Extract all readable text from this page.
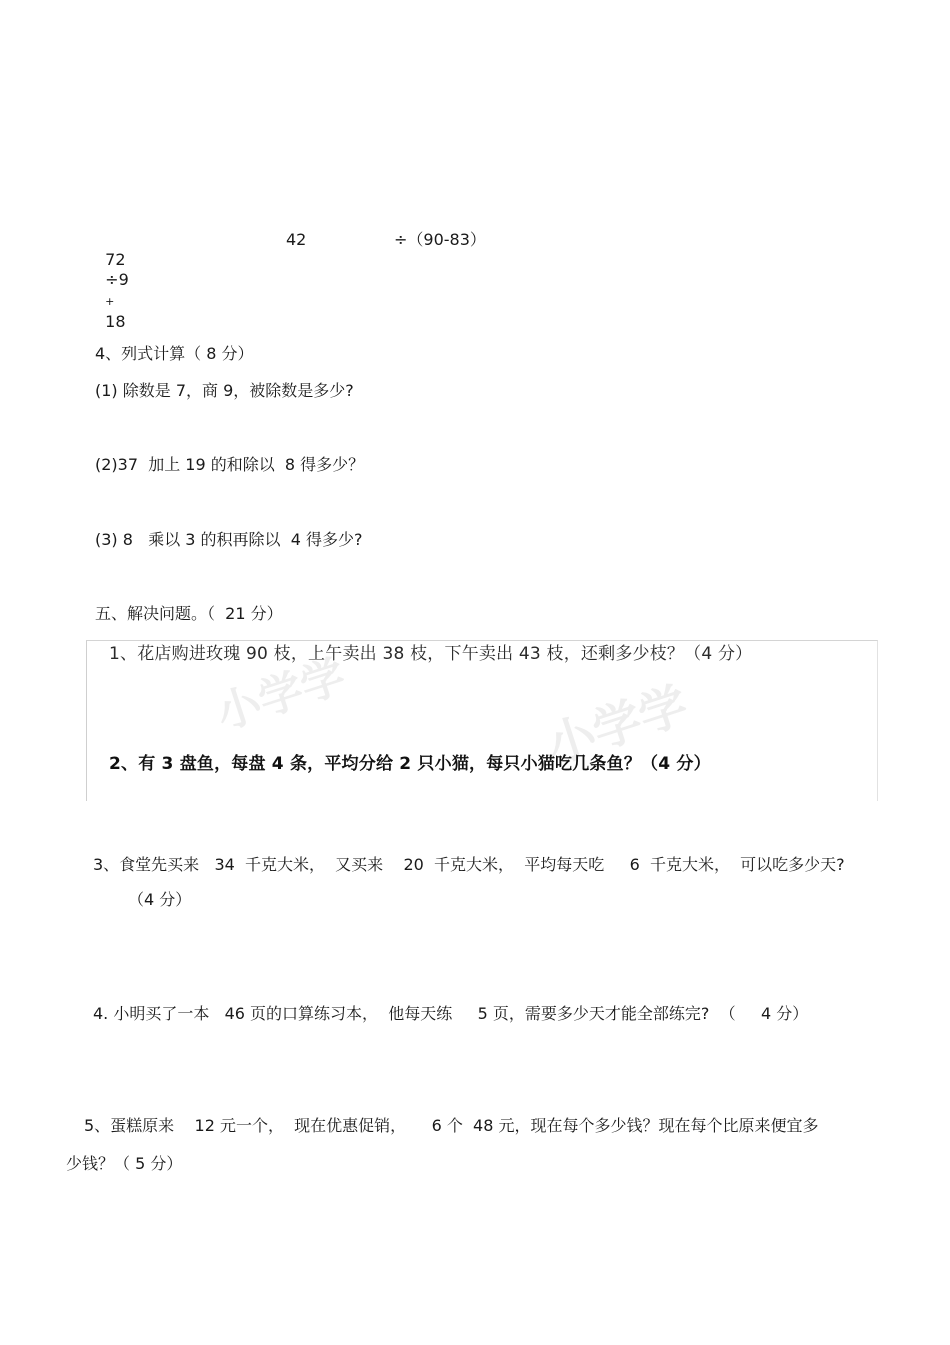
72
÷9
+
18

42	÷（90-83）
4、列式计算（ 8 分）
(1) 除数是 7，商 9，被除数是多少?
(2)37  加上 19 的和除以  8 得多少？
(3) 8   乘以 3 的积再除以  4 得多少?
五、解决问题。（  21 分）
小学学	小学学
1、花店购进玫瑰 90 枝，上午卖出 38 枝，下午卖出 43 枝，还剩多少枝？（4 分）
2、有 3 盘鱼，每盘 4 条，平均分给 2 只小猫，每只小猫吃几条鱼？（4 分）
3、食堂先买来   34  千克大米，  又买来    20  千克大米，  平均每天吃     6  千克大米，  可以吃多少天?
（4 分）
4. 小明买了一本   46 页的口算练习本，  他每天练     5 页，需要多少天才能全部练完?  （     4 分）
5、蛋糕原来    12 元一个，  现在优惠促销，     6 个  48 元，现在每个多少钱？现在每个比原来便宜多
少钱？（ 5 分）
